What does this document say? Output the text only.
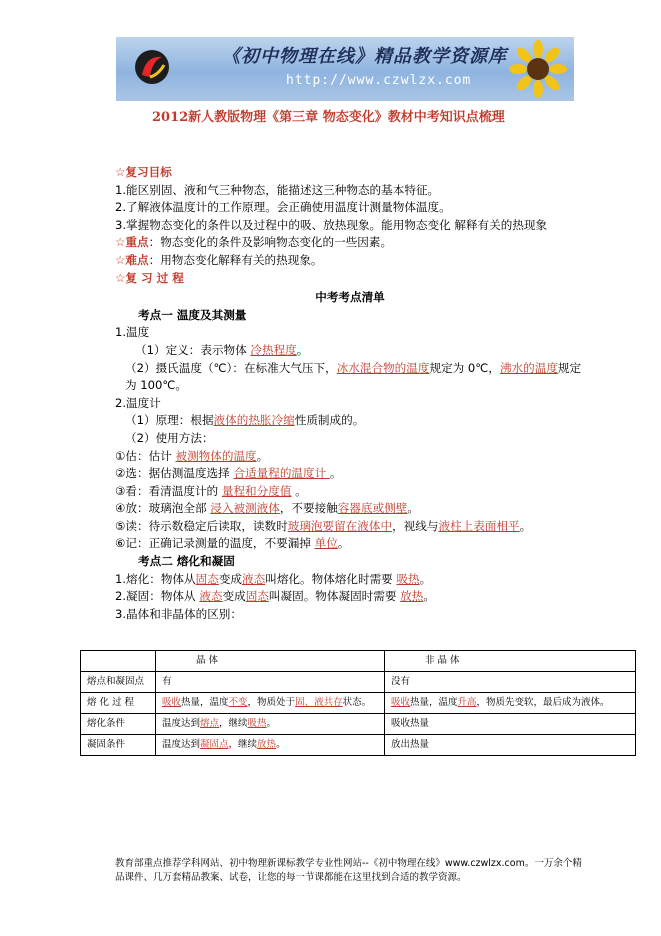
《初中物理在线》精品教学资源库
http://www.czwlzx.com
2012新人教版物理《第三章 物态变化》教材中考知识点梳理
☆复习目标
1.能区别固、液和气三种物态，能描述这三种物态的基本特征。
2.了解液体温度计的工作原理。会正确使用温度计测量物体温度。
3.掌握物态变化的条件以及过程中的吸、放热现象。能用物态变化 解释有关的热现象
☆重点：物态变化的条件及影响物态变化的一些因素。
☆难点：用物态变化解释有关的热现象。
☆复 习 过 程
中考考点清单
考点一 温度及其测量
1.温度
（1）定义：表示物体 冷热程度。
（2）摄氏温度（℃）：在标准大气压下，冰水混合物的温度规定为 0℃，沸水的温度规定为 100℃。
2.温度计
（1）原理：根据液体的热胀冷缩性质制成的。
（2）使用方法：
①估：估计 被测物体的温度。
②选：据估测温度选择 合适量程的温度计 。
③看：看清温度计的 量程和分度值 。
④放：玻璃泡全部 浸入被测液体，不要接触容器底或侧壁。
⑤读：待示数稳定后读取，读数时玻璃泡要留在液体中，视线与液柱上表面相平。
⑥记：正确记录测量的温度，不要漏掉 单位。
考点二 熔化和凝固
1.熔化：物体从固态变成液态叫熔化。物体熔化时需要 吸热。
2.凝固：物体从 液态变成固态叫凝固。物体凝固时需要 放热。
3.晶体和非晶体的区别：
	晶 体	非 晶 体
熔点和凝固点	有	没有
熔 化 过 程	吸收热量，温度不变，物质处于固、液共存状态。	吸收热量，温度升高，物质先变软，最后成为液体。
熔化条件	温度达到熔点，继续吸热。	吸收热量
凝固条件	温度达到凝固点，继续放热。	放出热量
教育部重点推荐学科网站、初中物理新课标教学专业性网站--《初中物理在线》www.czwlzx.com。一万余个精品课件、几万套精品教案、试卷，让您的每一节课都能在这里找到合适的教学资源。
